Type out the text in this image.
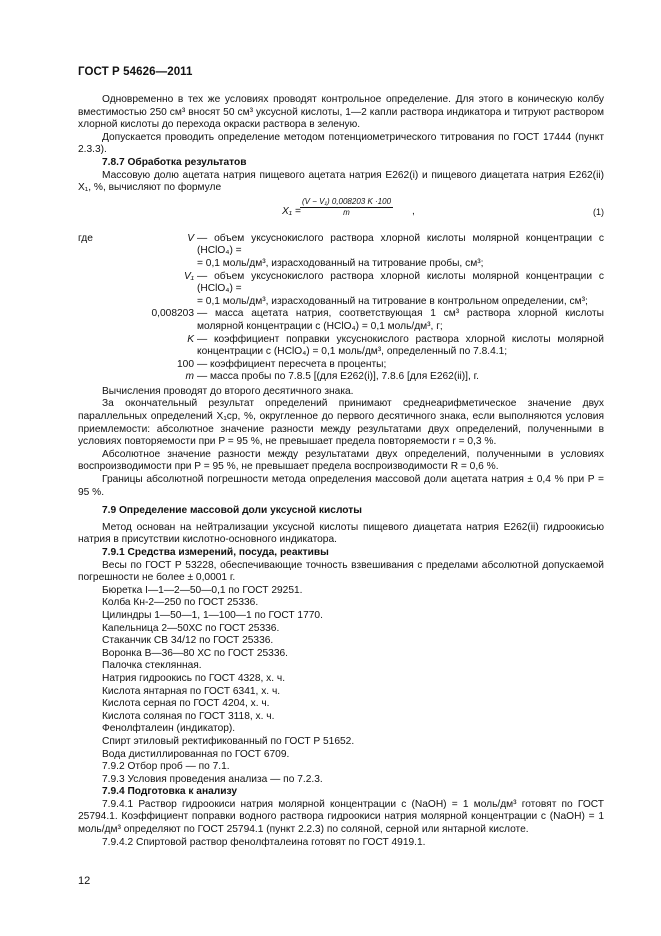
ГОСТ Р 54626—2011

Одновременно в тех же условиях проводят контрольное определение. Для этого в коническую колбу вместимостью 250 см³ вносят 50 см³ уксусной кислоты, 1—2 капли раствора индикатора и титруют раствором хлорной кислоты до перехода окраски раствора в зеленую.

Допускается проводить определение методом потенциометрического титрования по ГОСТ 17444 (пункт 2.3.3).

7.8.7 Обработка результатов

Массовую долю ацетата натрия пищевого ацетата натрия E262(i) и пищевого диацетата натрия E262(ii) X₁, %, вычисляют по формуле

$X_1 = \frac{\text{(V − V₁) 0,008203 K ·100}}{m}$ ,	(1)
где	V — объем уксуснокислого раствора хлорной кислоты молярной концентрации c (HClO₄) =
= 0,1 моль/дм³, израсходованный на титрование пробы, см³;
V₁ — объем уксуснокислого раствора хлорной кислоты молярной концентрации c (HClO₄) =
= 0,1 моль/дм³, израсходованный на титрование в контрольном определении, см³;
0,008203 — масса ацетата натрия, соответствующая 1 см³ раствора хлорной кислоты молярной концентрации c (HClO₄) = 0,1 моль/дм³, г;
K — коэффициент поправки уксуснокислого раствора хлорной кислоты молярной концентрации c (HClO₄) = 0,1 моль/дм³, определенный по 7.8.4.1;
100 — коэффициент пересчета в проценты;
m — масса пробы по 7.8.5 [(для E262(i)], 7.8.6 [для E262(ii)], г.

Вычисления проводят до второго десятичного знака.

За окончательный результат определений принимают среднеарифметическое значение двух параллельных определений X₁ср, %, округленное до первого десятичного знака, если выполняются условия приемлемости: абсолютное значение разности между результатами двух определений, полученными в условиях повторяемости при P = 95 %, не превышает предела повторяемости r = 0,3 %.

Абсолютное значение разности между результатами двух определений, полученными в условиях воспроизводимости при P = 95 %, не превышает предела воспроизводимости R = 0,6 %.

Границы абсолютной погрешности метода определения массовой доли ацетата натрия ± 0,4 % при P = 95 %.

7.9 Определение массовой доли уксусной кислоты

Метод основан на нейтрализации уксусной кислоты пищевого диацетата натрия E262(ii) гидроокисью натрия в присутствии кислотно-основного индикатора.

7.9.1 Средства измерений, посуда, реактивы

Весы по ГОСТ Р 53228, обеспечивающие точность взвешивания с пределами абсолютной допускаемой погрешности не более ± 0,0001 г.

Бюретка I—1—2—50—0,1 по ГОСТ 29251.

Колба Кн-2—250 по ГОСТ 25336.

Цилиндры 1—50—1, 1—100—1 по ГОСТ 1770.

Капельница 2—50ХС по ГОСТ 25336.

Стаканчик СВ 34/12 по ГОСТ 25336.

Воронка В—36—80 ХС по ГОСТ 25336.

Палочка стеклянная.

Натрия гидроокись по ГОСТ 4328, х. ч.

Кислота янтарная по ГОСТ 6341, х. ч.

Кислота серная по ГОСТ 4204, х. ч.

Кислота соляная по ГОСТ 3118, х. ч.

Фенолфталеин (индикатор).

Спирт этиловый ректификованный по ГОСТ Р 51652.

Вода дистиллированная по ГОСТ 6709.

7.9.2 Отбор проб — по 7.1.

7.9.3 Условия проведения анализа — по 7.2.3.

7.9.4 Подготовка к анализу

7.9.4.1 Раствор гидроокиси натрия молярной концентрации c (NaOH) = 1 моль/дм³ готовят по ГОСТ 25794.1. Коэффициент поправки водного раствора гидроокиси натрия молярной концентрации c (NaOH) = 1 моль/дм³ определяют по ГОСТ 25794.1 (пункт 2.2.3) по соляной, серной или янтарной кислоте.

7.9.4.2 Спиртовой раствор фенолфталеина готовят по ГОСТ 4919.1.

12
